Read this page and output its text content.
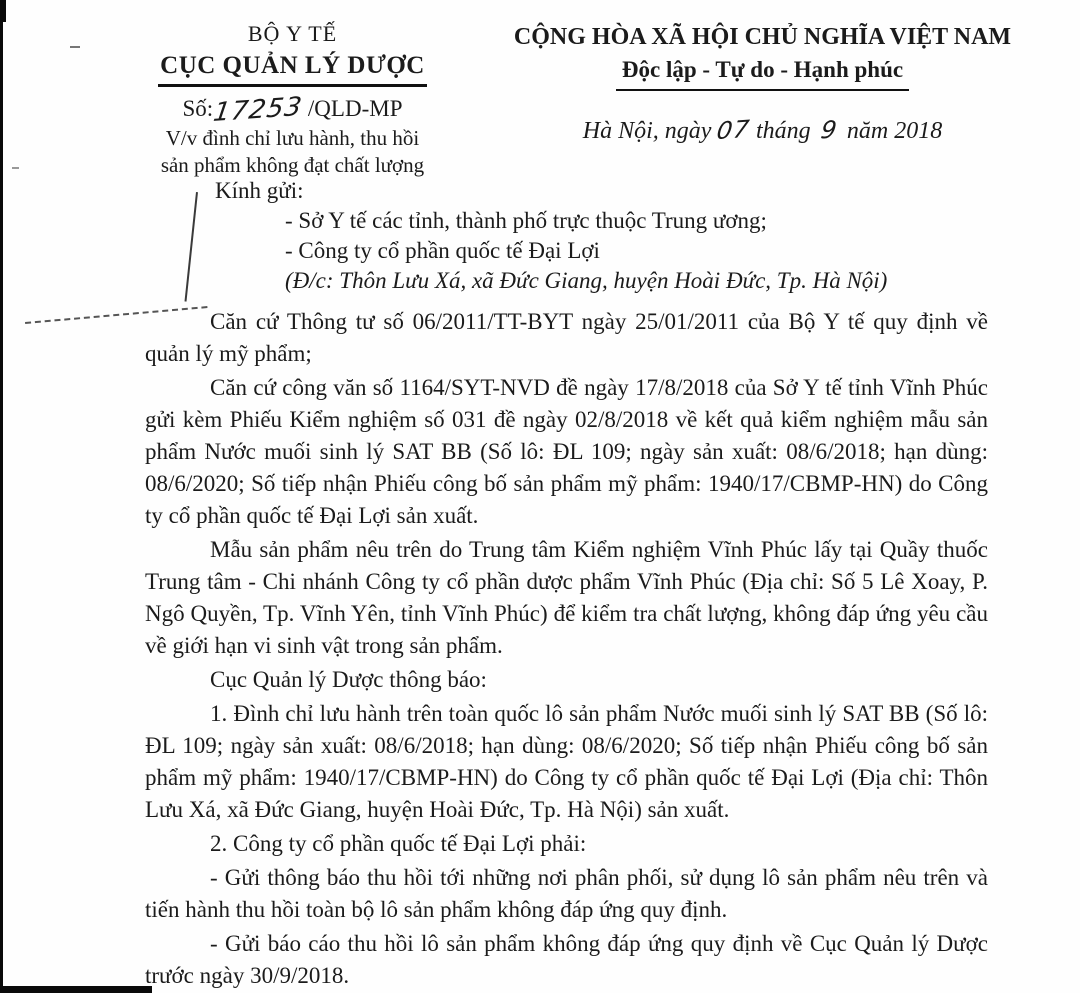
BỘ Y TẾ
CỤC QUẢN LÝ DƯỢC
Số:17253 /QLD-MP
V/v đình chỉ lưu hành, thu hồi
sản phẩm không đạt chất lượng
CỘNG HÒA XÃ HỘI CHỦ NGHĨA VIỆT NAM
Độc lập - Tự do - Hạnh phúc
Hà Nội, ngày 07 tháng 9 năm 2018
Kính gửi:
- Sở Y tế các tỉnh, thành phố trực thuộc Trung ương;
- Công ty cổ phần quốc tế Đại Lợi
(Đ/c: Thôn Lưu Xá, xã Đức Giang, huyện Hoài Đức, Tp. Hà Nội)

Căn cứ Thông tư số 06/2011/TT-BYT ngày 25/01/2011 của Bộ Y tế quy định về quản lý mỹ phẩm;

Căn cứ công văn số 1164/SYT-NVD đề ngày 17/8/2018 của Sở Y tế tỉnh Vĩnh Phúc gửi kèm Phiếu Kiểm nghiệm số 031 đề ngày 02/8/2018 về kết quả kiểm nghiệm mẫu sản phẩm Nước muối sinh lý SAT BB (Số lô: ĐL 109; ngày sản xuất: 08/6/2018; hạn dùng: 08/6/2020; Số tiếp nhận Phiếu công bố sản phẩm mỹ phẩm: 1940/17/CBMP-HN) do Công ty cổ phần quốc tế Đại Lợi sản xuất.

Mẫu sản phẩm nêu trên do Trung tâm Kiểm nghiệm Vĩnh Phúc lấy tại Quầy thuốc Trung tâm - Chi nhánh Công ty cổ phần dược phẩm Vĩnh Phúc (Địa chỉ: Số 5 Lê Xoay, P. Ngô Quyền, Tp. Vĩnh Yên, tỉnh Vĩnh Phúc) để kiểm tra chất lượng, không đáp ứng yêu cầu về giới hạn vi sinh vật trong sản phẩm.

Cục Quản lý Dược thông báo:

1. Đình chỉ lưu hành trên toàn quốc lô sản phẩm Nước muối sinh lý SAT BB (Số lô: ĐL 109; ngày sản xuất: 08/6/2018; hạn dùng: 08/6/2020; Số tiếp nhận Phiếu công bố sản phẩm mỹ phẩm: 1940/17/CBMP-HN) do Công ty cổ phần quốc tế Đại Lợi (Địa chỉ: Thôn Lưu Xá, xã Đức Giang, huyện Hoài Đức, Tp. Hà Nội) sản xuất.

2. Công ty cổ phần quốc tế Đại Lợi phải:

- Gửi thông báo thu hồi tới những nơi phân phối, sử dụng lô sản phẩm nêu trên và tiến hành thu hồi toàn bộ lô sản phẩm không đáp ứng quy định.

- Gửi báo cáo thu hồi lô sản phẩm không đáp ứng quy định về Cục Quản lý Dược trước ngày 30/9/2018.
